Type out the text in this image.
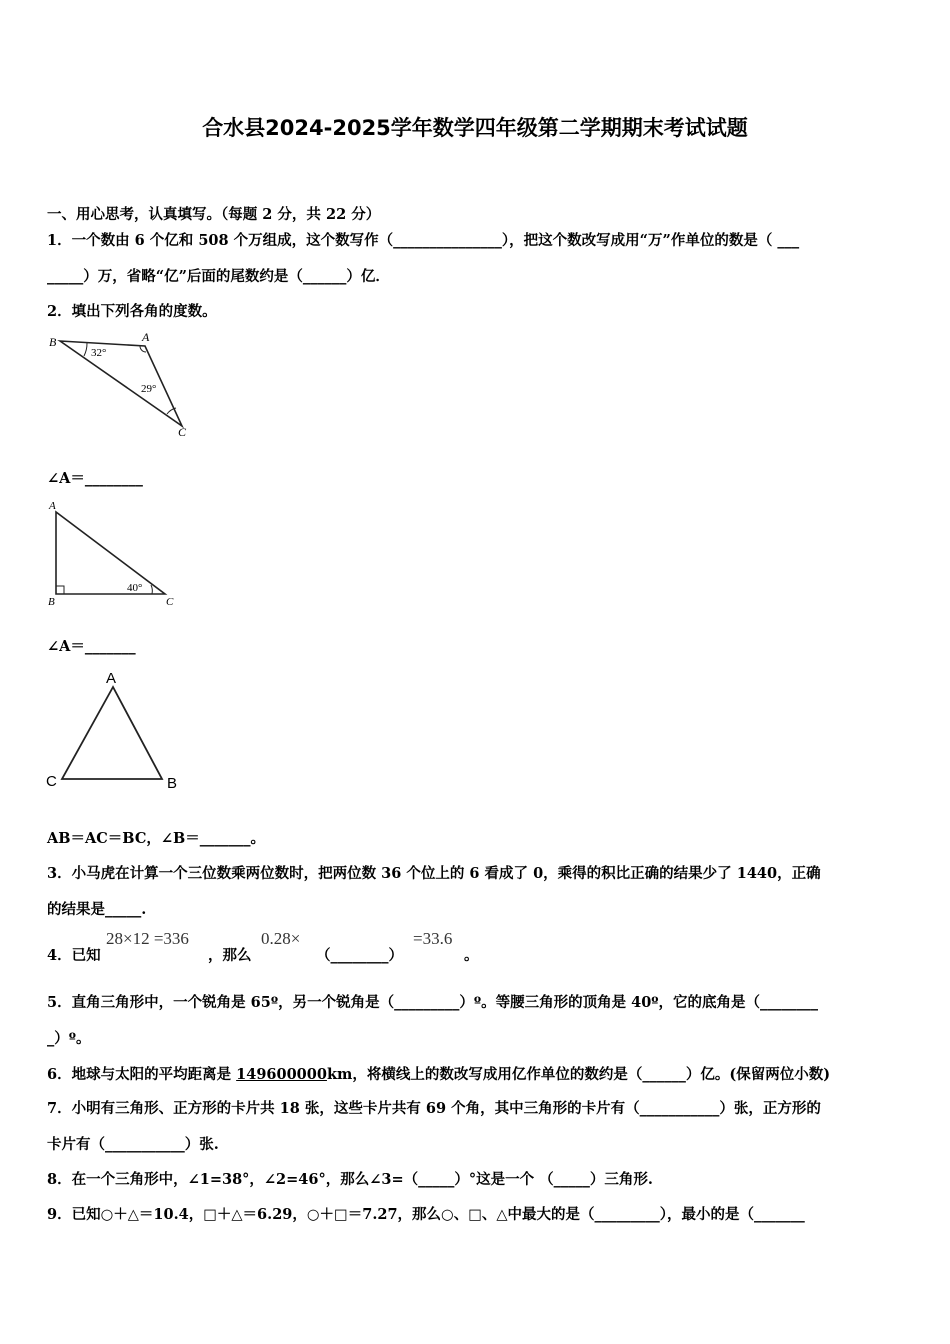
合水县2024-2025学年数学四年级第二学期期末考试试题
一、用心思考，认真填写。（每题 2 分，共 22 分）
1．一个数由 6 个亿和 508 个万组成，这个数写作（_______________），把这个数改写成用“万”作单位的数是（ ___
_____）万，省略“亿”后面的尾数约是（______）亿．
2．填出下列各角的度数。
B	A
C
32°
29°
∠A＝________
A
B	C
40°
∠A＝_______
A
C	B
AB＝AC＝BC，∠B＝_______。
3．小马虎在计算一个三位数乘两位数时，把两位数 36 个位上的 6 看成了 0，乘得的积比正确的结果少了 1440，正确
的结果是_____.
4．已知
28×12 =336
，那么
0.28×
（________）
=33.6
。
5．直角三角形中，一个锐角是 65º，另一个锐角是（_________）º。等腰三角形的顶角是 40º，它的底角是（________
_）º。
6．地球与太阳的平均距离是 149600000km，将横线上的数改写成用亿作单位的数约是（______）亿。(保留两位小数)
7．小明有三角形、正方形的卡片共 18 张，这些卡片共有 69 个角，其中三角形的卡片有（___________）张，正方形的
卡片有（___________）张.
8．在一个三角形中，∠1=38°，∠2=46°，那么∠3=（_____）°这是一个 （_____）三角形.
9．已知○＋△＝10.4，□＋△＝6.29，○＋□＝7.27，那么○、□、△中最大的是（_________），最小的是（_______
